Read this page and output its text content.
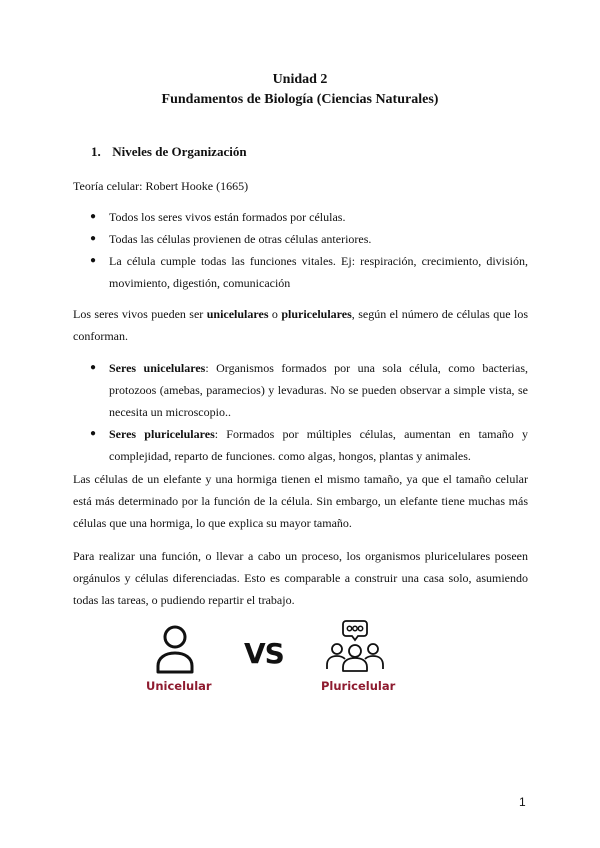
Unidad 2
Fundamentos de Biología (Ciencias Naturales)
1. Niveles de Organización
Teoría celular: Robert Hooke (1665)
● Todos los seres vivos están formados por células.
● Todas las células provienen de otras células anteriores.
● La célula cumple todas las funciones vitales. Ej: respiración, crecimiento, división, movimiento, digestión, comunicación
Los seres vivos pueden ser unicelulares o pluricelulares, según el número de células que los conforman.
● Seres unicelulares: Organismos formados por una sola célula, como bacterias, protozoos (amebas, paramecios) y levaduras. No se pueden observar a simple vista, se necesita un microscopio..
● Seres pluricelulares: Formados por múltiples células, aumentan en tamaño y complejidad, reparto de funciones. como algas, hongos, plantas y animales.
Las células de un elefante y una hormiga tienen el mismo tamaño, ya que el tamaño celular está más determinado por la función de la célula. Sin embargo, un elefante tiene muchas más células que una hormiga, lo que explica su mayor tamaño.
Para realizar una función, o llevar a cabo un proceso, los organismos pluricelulares poseen orgánulos y células diferenciadas. Esto es comparable a construir una casa solo, asumiendo todas las tareas, o pudiendo repartir el trabajo.
Unicelular
VS
Pluricelular
1
